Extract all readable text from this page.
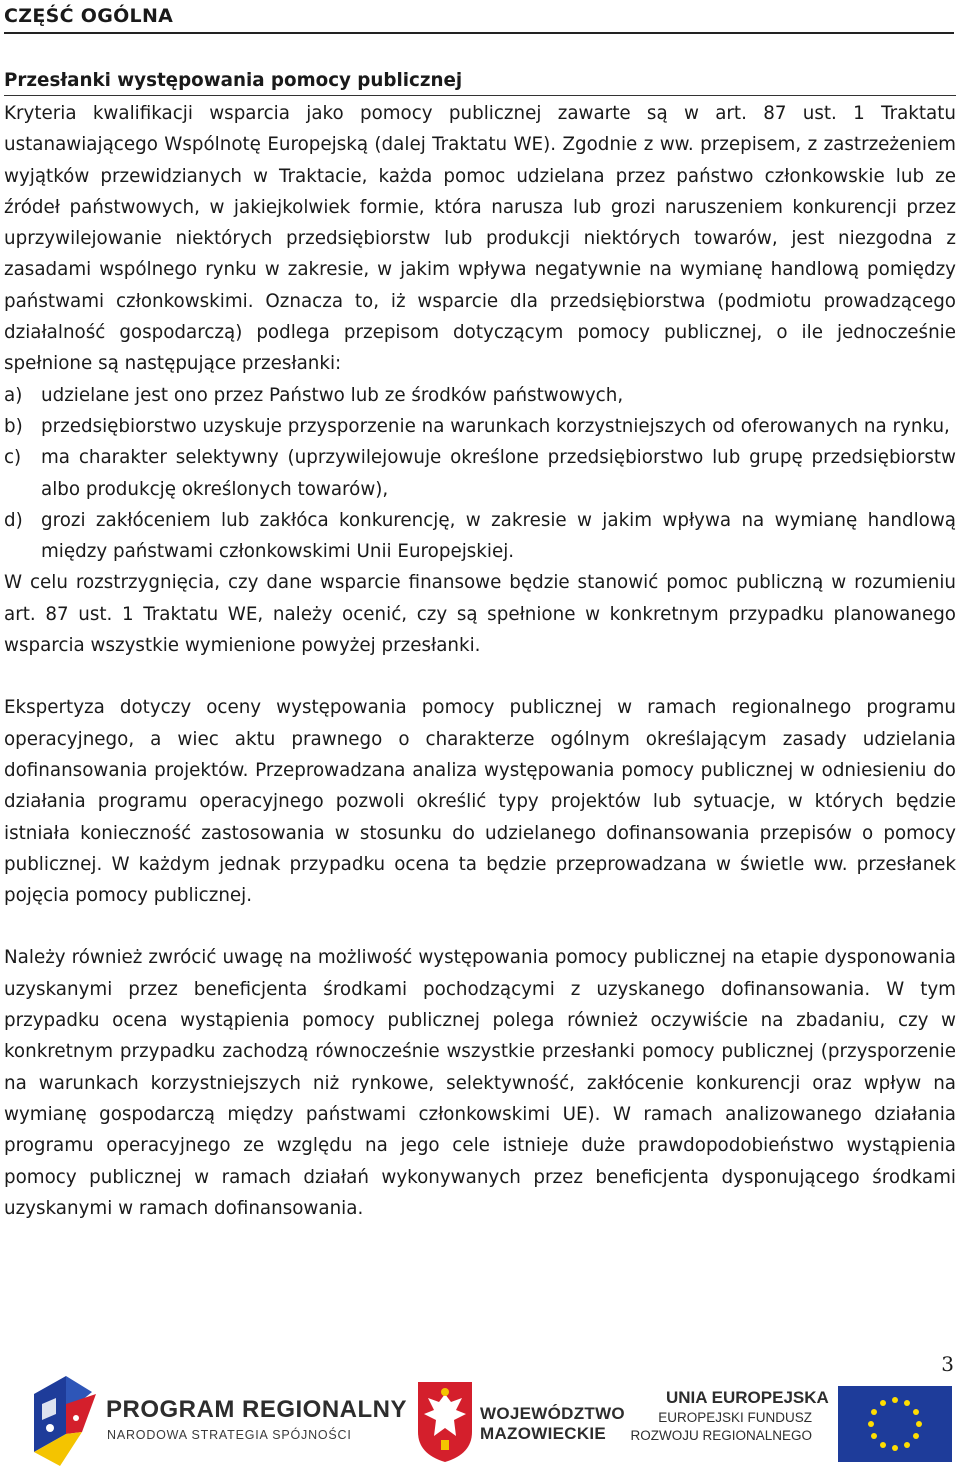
CZĘŚĆ OGÓLNA
Przesłanki występowania pomocy publicznej

Kryteria kwalifikacji wsparcia jako pomocy publicznej zawarte są w art. 87 ust. 1 Traktatu ustanawiającego Wspólnotę Europejską (dalej Traktatu WE). Zgodnie z ww. przepisem, z zastrzeżeniem wyjątków przewidzianych w Traktacie, każda pomoc udzielana przez państwo członkowskie lub ze źródeł państwowych, w jakiejkolwiek formie, która narusza lub grozi naruszeniem konkurencji przez uprzywilejowanie niektórych przedsiębiorstw lub produkcji niektórych towarów, jest niezgodna z zasadami wspólnego rynku w zakresie, w jakim wpływa negatywnie na wymianę handlową pomiędzy państwami członkowskimi. Oznacza to, iż wsparcie dla przedsiębiorstwa (podmiotu prowadzącego działalność gospodarczą) podlega przepisom dotyczącym pomocy publicznej, o ile jednocześnie spełnione są następujące przesłanki:

a)	udzielane jest ono przez Państwo lub ze środków państwowych,
b) przedsiębiorstwo uzyskuje przysporzenie na warunkach korzystniejszych od oferowanych na rynku,
c)	ma charakter selektywny (uprzywilejowuje określone przedsiębiorstwo lub grupę przedsiębiorstw albo produkcję określonych towarów),
d) grozi zakłóceniem lub zakłóca konkurencję, w zakresie w jakim wpływa na wymianę handlową między państwami członkowskimi Unii Europejskiej.

W celu rozstrzygnięcia, czy dane wsparcie finansowe będzie stanowić pomoc publiczną w rozumieniu art. 87 ust. 1 Traktatu WE, należy ocenić, czy są spełnione w konkretnym przypadku planowanego wsparcia wszystkie wymienione powyżej przesłanki.

Ekspertyza dotyczy oceny występowania pomocy publicznej w ramach regionalnego programu operacyjnego, a wiec aktu prawnego o charakterze ogólnym określającym zasady udzielania dofinansowania projektów. Przeprowadzana analiza występowania pomocy publicznej w odniesieniu do działania programu operacyjnego pozwoli określić typy projektów lub sytuacje, w których będzie istniała konieczność zastosowania w stosunku do udzielanego dofinansowania przepisów o pomocy publicznej. W każdym jednak przypadku ocena ta będzie przeprowadzana w świetle ww. przesłanek pojęcia pomocy publicznej.

Należy również zwrócić uwagę na możliwość występowania pomocy publicznej na etapie dysponowania uzyskanymi przez beneficjenta środkami pochodzącymi z uzyskanego dofinansowania. W tym przypadku ocena wystąpienia pomocy publicznej polega również oczywiście na zbadaniu, czy w konkretnym przypadku zachodzą równocześnie wszystkie przesłanki pomocy publicznej (przysporzenie na warunkach korzystniejszych niż rynkowe, selektywność, zakłócenie konkurencji oraz wpływ na wymianę gospodarczą między państwami członkowskimi UE). W ramach analizowanego działania programu operacyjnego ze względu na jego cele istnieje duże prawdopodobieństwo wystąpienia pomocy publicznej w ramach działań wykonywanych przez beneficjenta dysponującego środkami uzyskanymi w ramach dofinansowania.

3
PROGRAM REGIONALNY
NARODOWA STRATEGIA SPÓJNOŚCI
WOJEWÓDZTWO
MAZOWIECKIE
UNIA EUROPEJSKA
EUROPEJSKI FUNDUSZ
ROZWOJU REGIONALNEGO
